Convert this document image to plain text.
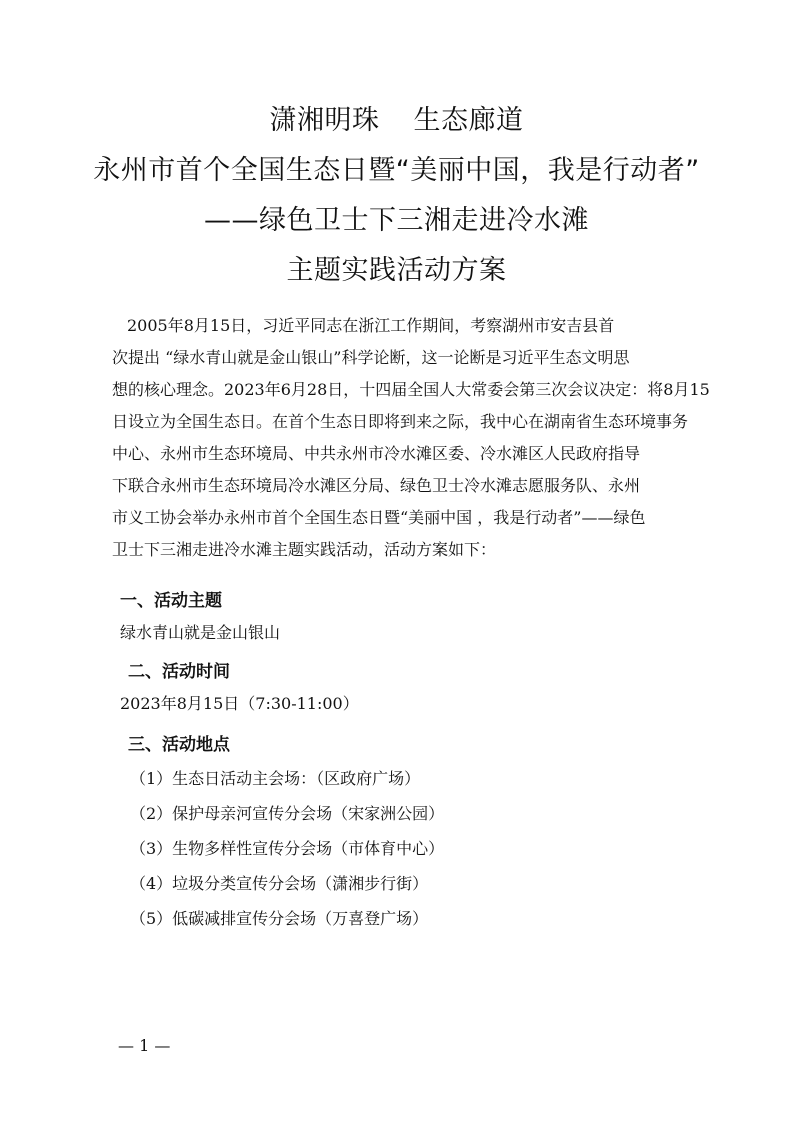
潇湘明珠 生态廊道
永州市首个全国生态日暨“美丽中国，我是行动者”
——绿色卫士下三湘走进冷水滩
主题实践活动方案
2005年8月15日，习近平同志在浙江工作期间，考察湖州市安吉县首
次提出 “绿水青山就是金山银山”科学论断，这一论断是习近平生态文明思
想的核心理念。2023年6月28日，十四届全国人大常委会第三次会议决定：将8月15
日设立为全国生态日。在首个生态日即将到来之际，我中心在湖南省生态环境事务
中心、永州市生态环境局、中共永州市冷水滩区委、冷水滩区人民政府指导
下联合永州市生态环境局冷水滩区分局、绿色卫士冷水滩志愿服务队、永州
市义工协会举办永州市首个全国生态日暨“美丽中国 ，我是行动者”——绿色
卫士下三湘走进冷水滩主题实践活动，活动方案如下：
一、活动主题
绿水青山就是金山银山
二、活动时间
2023年8月15日（7:30-11:00）
三、活动地点
（1）生态日活动主会场：（区政府广场）
（2）保护母亲河宣传分会场（宋家洲公园）
（3）生物多样性宣传分会场（市体育中心）
（4）垃圾分类宣传分会场（潇湘步行街）
（5）低碳减排宣传分会场（万喜登广场）
— 1 —
